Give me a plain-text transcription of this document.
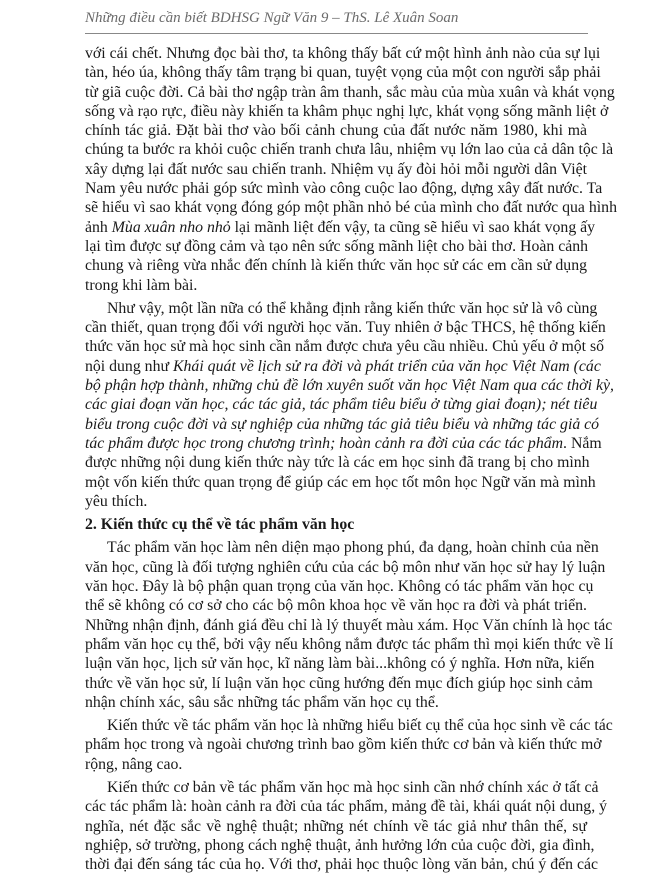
Những điều cần biết BDHSG Ngữ Văn 9 – ThS. Lê Xuân Soan
với cái chết. Nhưng đọc bài thơ, ta không thấy bất cứ một hình ảnh nào của sự lụi
tàn, héo úa, không thấy tâm trạng bi quan, tuyệt vọng của một con người sắp phải
từ giã cuộc đời. Cả bài thơ ngập tràn âm thanh, sắc màu của mùa xuân và khát vọng
sống và rạo rực, điều này khiến ta khâm phục nghị lực, khát vọng sống mãnh liệt ở
chính tác giả. Đặt bài thơ vào bối cảnh chung của đất nước năm 1980, khi mà
chúng ta bước ra khỏi cuộc chiến tranh chưa lâu, nhiệm vụ lớn lao của cả dân tộc là
xây dựng lại đất nước sau chiến tranh. Nhiệm vụ ấy đòi hỏi mỗi người dân Việt
Nam yêu nước phải góp sức mình vào công cuộc lao động, dựng xây đất nước. Ta
sẽ hiểu vì sao khát vọng đóng góp một phần nhỏ bé của mình cho đất nước qua hình
ảnh Mùa xuân nho nhỏ lại mãnh liệt đến vậy, ta cũng sẽ hiểu vì sao khát vọng ấy
lại tìm được sự đồng cảm và tạo nên sức sống mãnh liệt cho bài thơ. Hoàn cảnh
chung và riêng vừa nhắc đến chính là kiến thức văn học sử các em cần sử dụng
trong khi làm bài.
Như vậy, một lần nữa có thể khẳng định rằng kiến thức văn học sử là vô cùng
cần thiết, quan trọng đối với người học văn. Tuy nhiên ở bậc THCS, hệ thống kiến
thức văn học sử mà học sinh cần nắm được chưa yêu cầu nhiều. Chủ yếu ở một số
nội dung như Khái quát về lịch sử ra đời và phát triển của văn học Việt Nam (các
bộ phận hợp thành, những chủ đề lớn xuyên suốt văn học Việt Nam qua các thời kỳ,
các giai đoạn văn học, các tác giả, tác phẩm tiêu biểu ở từng giai đoạn); nét tiêu
biểu trong cuộc đời và sự nghiệp của những tác giả tiêu biểu và những tác giả có
tác phẩm được học trong chương trình; hoàn cảnh ra đời của các tác phẩm. Nắm
được những nội dung kiến thức này tức là các em học sinh đã trang bị cho mình
một vốn kiến thức quan trọng để giúp các em học tốt môn học Ngữ văn mà mình
yêu thích.
2. Kiến thức cụ thể về tác phẩm văn học
Tác phẩm văn học làm nên diện mạo phong phú, đa dạng, hoàn chỉnh của nền
văn học, cũng là đối tượng nghiên cứu của các bộ môn như văn học sử hay lý luận
văn học. Đây là bộ phận quan trọng của văn học. Không có tác phẩm văn học cụ
thể sẽ không có cơ sở cho các bộ môn khoa học về văn học ra đời và phát triển.
Những nhận định, đánh giá đều chỉ là lý thuyết màu xám. Học Văn chính là học tác
phẩm văn học cụ thể, bởi vậy nếu không nắm được tác phẩm thì mọi kiến thức về lí
luận văn học, lịch sử văn học, kĩ năng làm bài...không có ý nghĩa. Hơn nữa, kiến
thức về văn học sử, lí luận văn học cũng hướng đến mục đích giúp học sinh cảm
nhận chính xác, sâu sắc những tác phẩm văn học cụ thể.
Kiến thức về tác phẩm văn học là những hiểu biết cụ thể của học sinh về các tác
phẩm học trong và ngoài chương trình bao gồm kiến thức cơ bản và kiến thức mở
rộng, nâng cao.
Kiến thức cơ bản về tác phẩm văn học mà học sinh cần nhớ chính xác ở tất cả
các tác phẩm là: hoàn cảnh ra đời của tác phẩm, mảng đề tài, khái quát nội dung, ý
nghĩa, nét đặc sắc về nghệ thuật; những nét chính về tác giả như thân thế, sự
nghiệp, sở trường, phong cách nghệ thuật, ảnh hưởng lớn của cuộc đời, gia đình,
thời đại đến sáng tác của họ. Với thơ, phải học thuộc lòng văn bản, chú ý đến các
